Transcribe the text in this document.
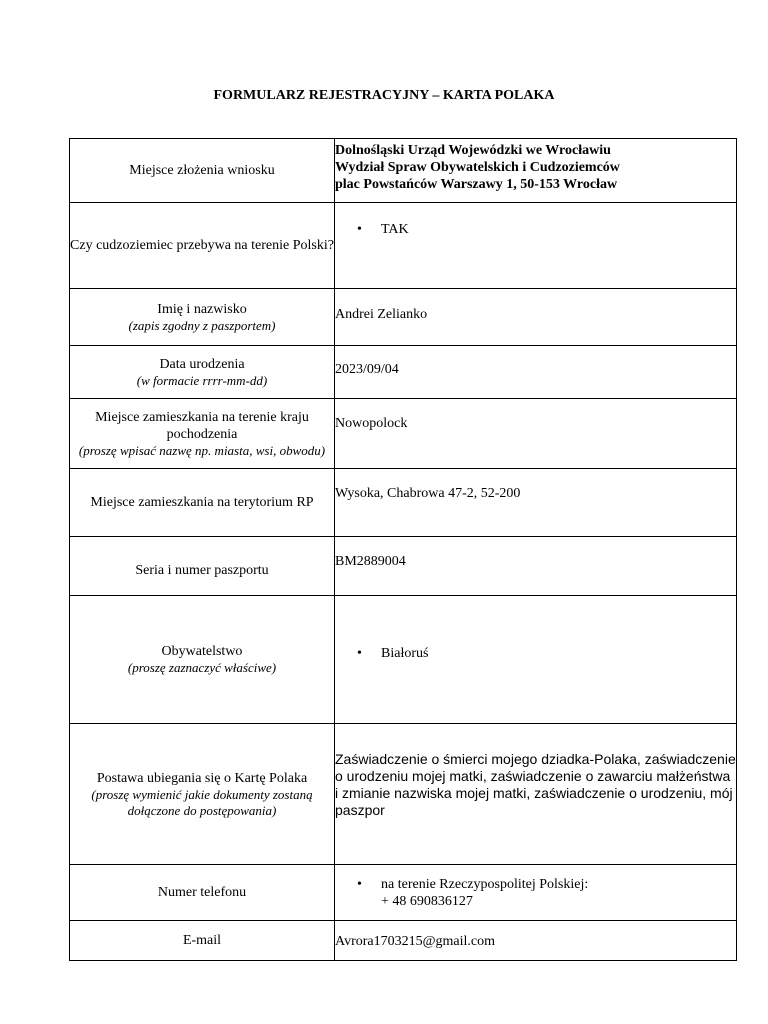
FORMULARZ REJESTRACYJNY – KARTA POLAKA
Miejsce złożenia wniosku	Dolnośląski Urząd Wojewódzki we Wrocławiu
Wydział Spraw Obywatelskich i Cudzoziemców
plac Powstańców Warszawy 1, 50-153 Wrocław

Czy cudzoziemiec przebywa na terenie Polski?	• TAK

Imię i nazwisko
(zapis zgodny z paszportem)	Andrei Zelianko
Data urodzenia
(w formacie rrrr-mm-dd)	2023/09/04
Miejsce zamieszkania na terenie kraju pochodzenia
(proszę wpisać nazwę np. miasta, wsi, obwodu)	Nowopolock
Miejsce zamieszkania na terytorium RP	Wysoka, Chabrowa 47-2, 52-200
Seria i numer paszportu	BM2889004
Obywatelstwo
(proszę zaznaczyć właściwe)	• Białoruś

Postawa ubiegania się o Kartę Polaka
(proszę wymienić jakie dokumenty zostaną dołączone do postępowania)	Zaświadczenie o śmierci mojego dziadka-Polaka, zaświadczenie o urodzeniu mojej matki, zaświadczenie o zawarciu małżeństwa i zmianie nazwiska mojej matki, zaświadczenie o urodzeniu, mój paszpor
Numer telefonu	• na terenie Rzeczypospolitej Polskiej:
+ 48 690836127

E-mail	Avrora1703215@gmail.com
